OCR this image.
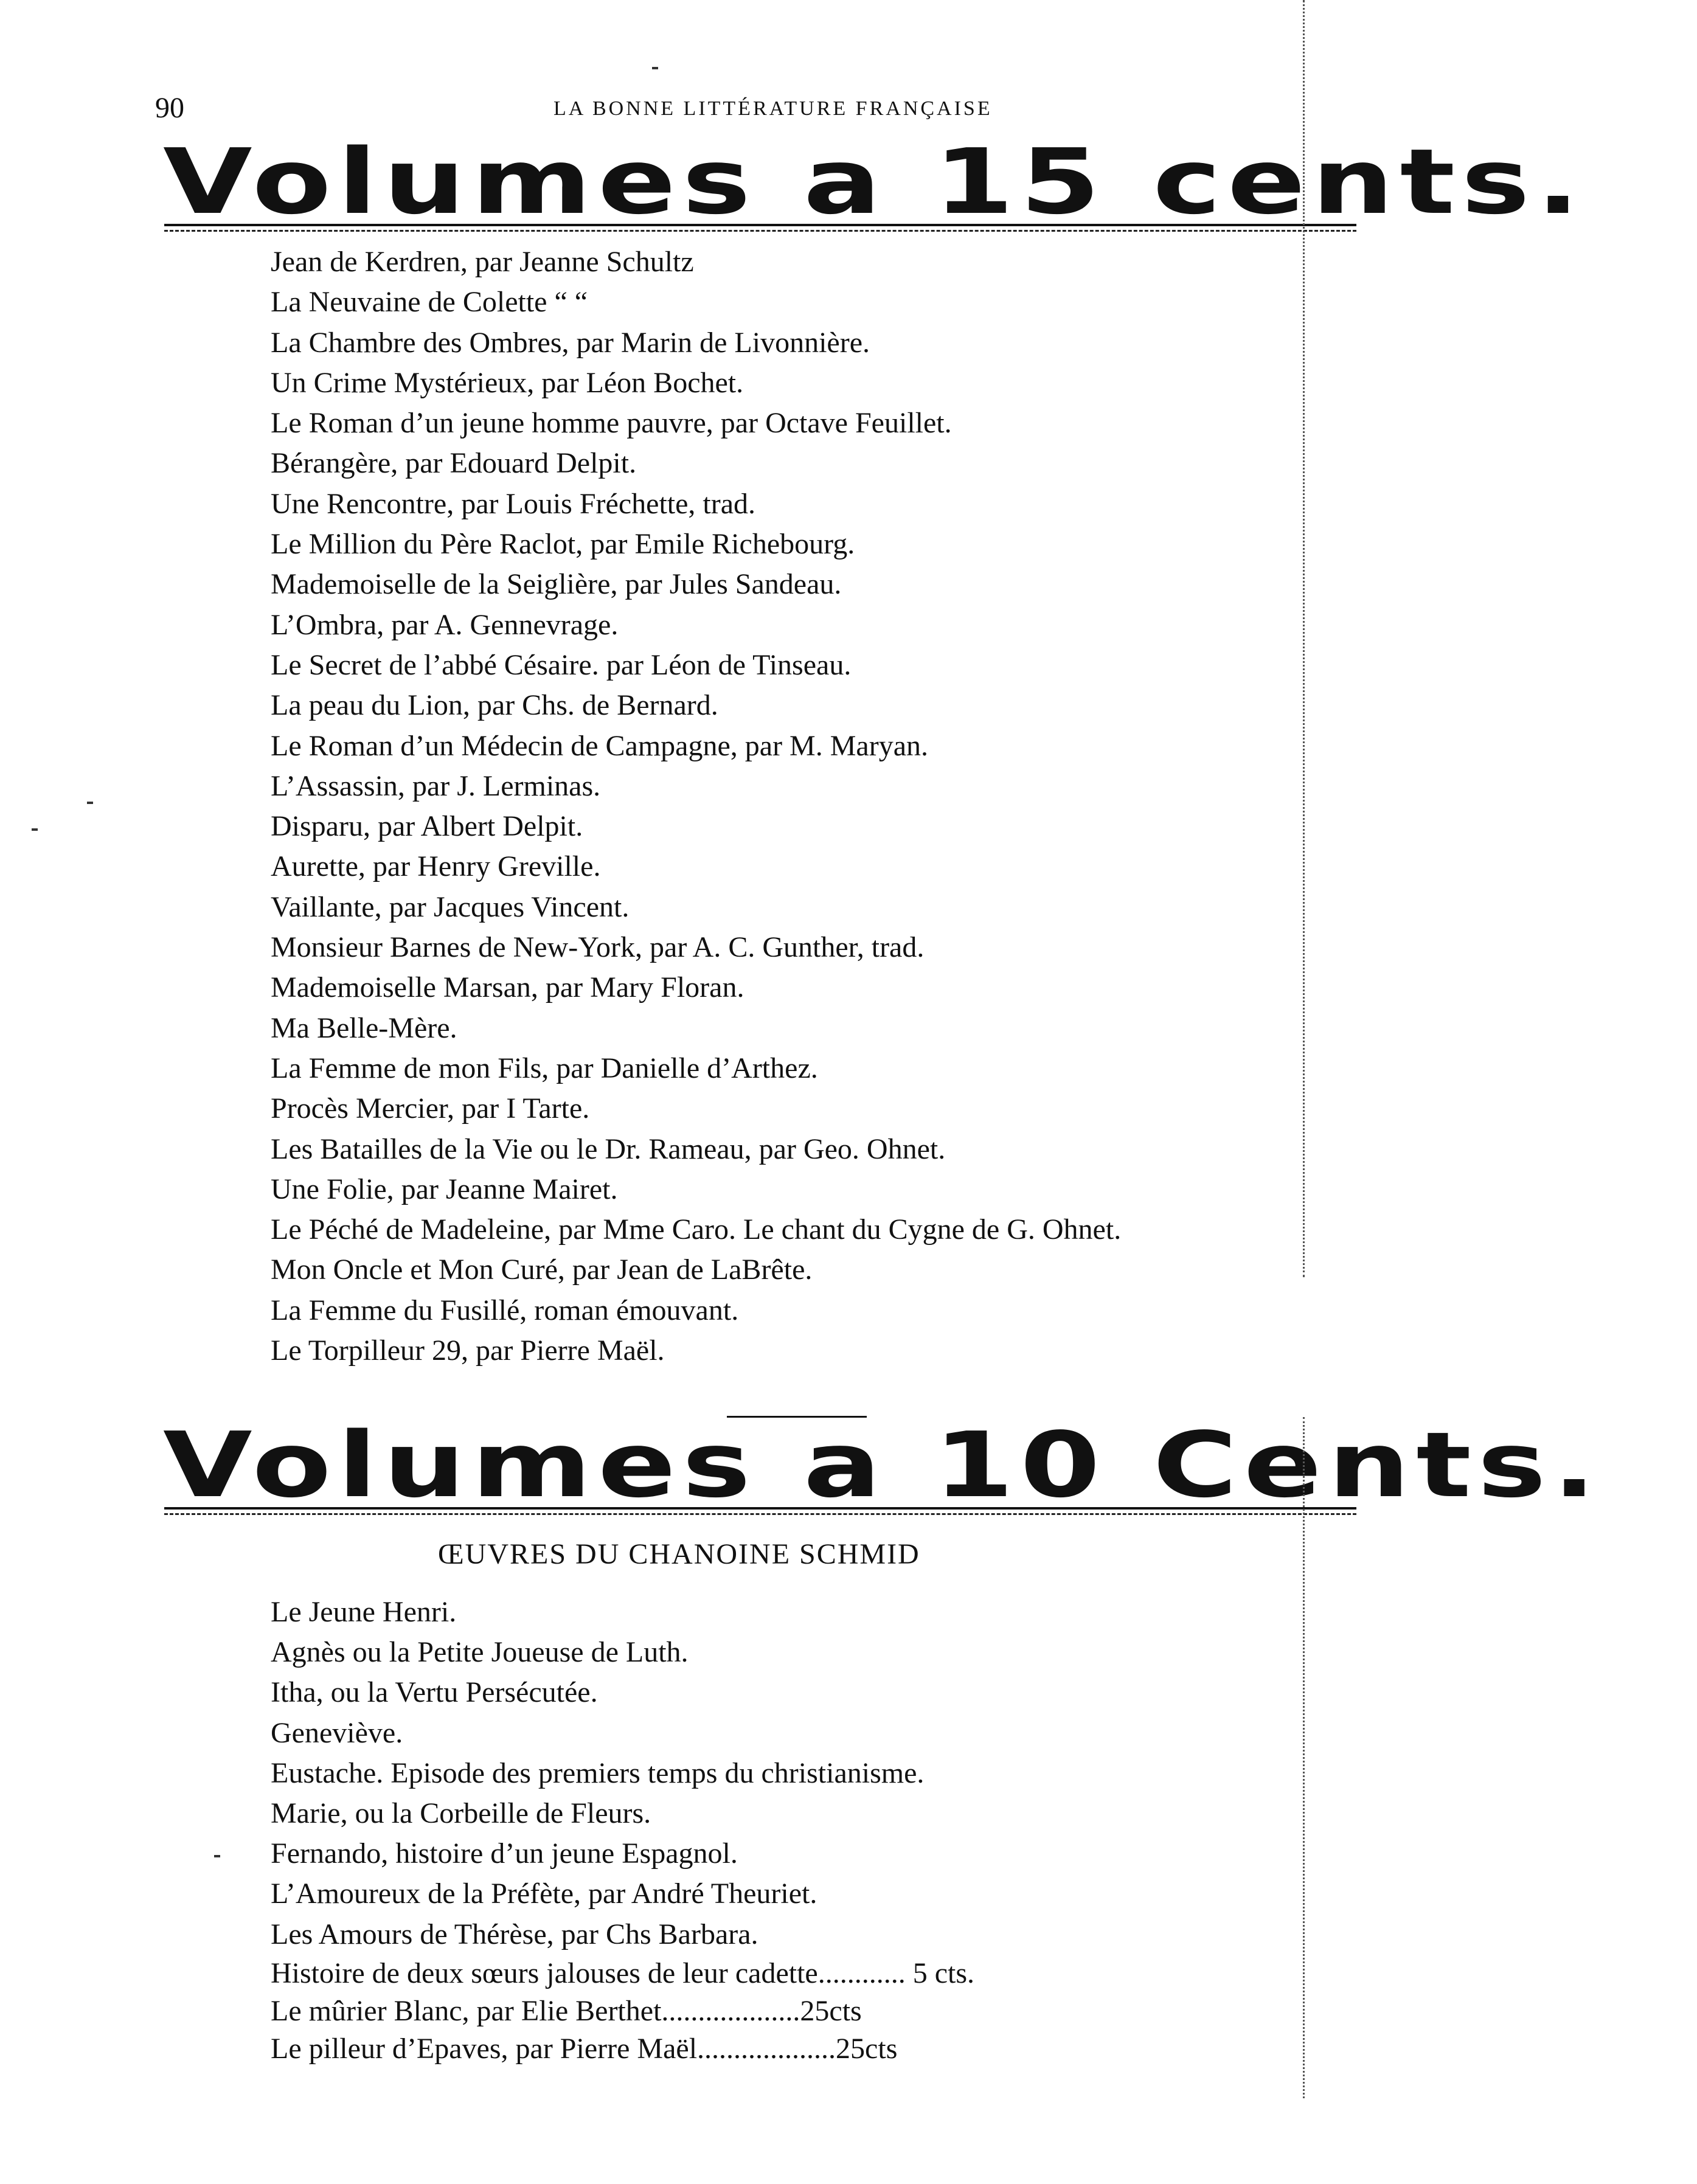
90	LA BONNE LITTÉRATURE FRANÇAISE
Volumes a 15 cents.
Jean de Kerdren, par Jeanne Schultz
La Neuvaine de Colette “ “
La Chambre des Ombres, par Marin de Livonnière.
Un Crime Mystérieux, par Léon Bochet.
Le Roman d’un jeune homme pauvre, par Octave Feuillet.
Bérangère, par Edouard Delpit.
Une Rencontre, par Louis Fréchette, trad.
Le Million du Père Raclot, par Emile Richebourg.
Mademoiselle de la Seiglière, par Jules Sandeau.
L’Ombra, par A. Gennevrage.
Le Secret de l’abbé Césaire. par Léon de Tinseau.
La peau du Lion, par Chs. de Bernard.
Le Roman d’un Médecin de Campagne, par M. Maryan.
L’Assassin, par J. Lerminas.
Disparu, par Albert Delpit.
Aurette, par Henry Greville.
Vaillante, par Jacques Vincent.
Monsieur Barnes de New-York, par A. C. Gunther, trad.
Mademoiselle Marsan, par Mary Floran.
Ma Belle-Mère.
La Femme de mon Fils, par Danielle d’Arthez.
Procès Mercier, par I Tarte.
Les Batailles de la Vie ou le Dr. Rameau, par Geo. Ohnet.
Une Folie, par Jeanne Mairet.
Le Péché de Madeleine, par Mme Caro. Le chant du Cygne de G. Ohnet.
Mon Oncle et Mon Curé, par Jean de LaBrête.
La Femme du Fusillé, roman émouvant.
Le Torpilleur 29, par Pierre Maël.
Volumes a 10 Cents.
ŒUVRES DU CHANOINE SCHMID
Le Jeune Henri.
Agnès ou la Petite Joueuse de Luth.
Itha, ou la Vertu Persécutée.
Geneviève.
Eustache. Episode des premiers temps du christianisme.
Marie, ou la Corbeille de Fleurs.
Fernando, histoire d’un jeune Espagnol.
L’Amoureux de la Préfète, par André Theuriet.
Les Amours de Thérèse, par Chs Barbara.
Histoire de deux sœurs jalouses de leur cadette............ 5 cts.
Le mûrier Blanc, par Elie Berthet...................25cts
Le pilleur d’Epaves, par Pierre Maël...................25cts
